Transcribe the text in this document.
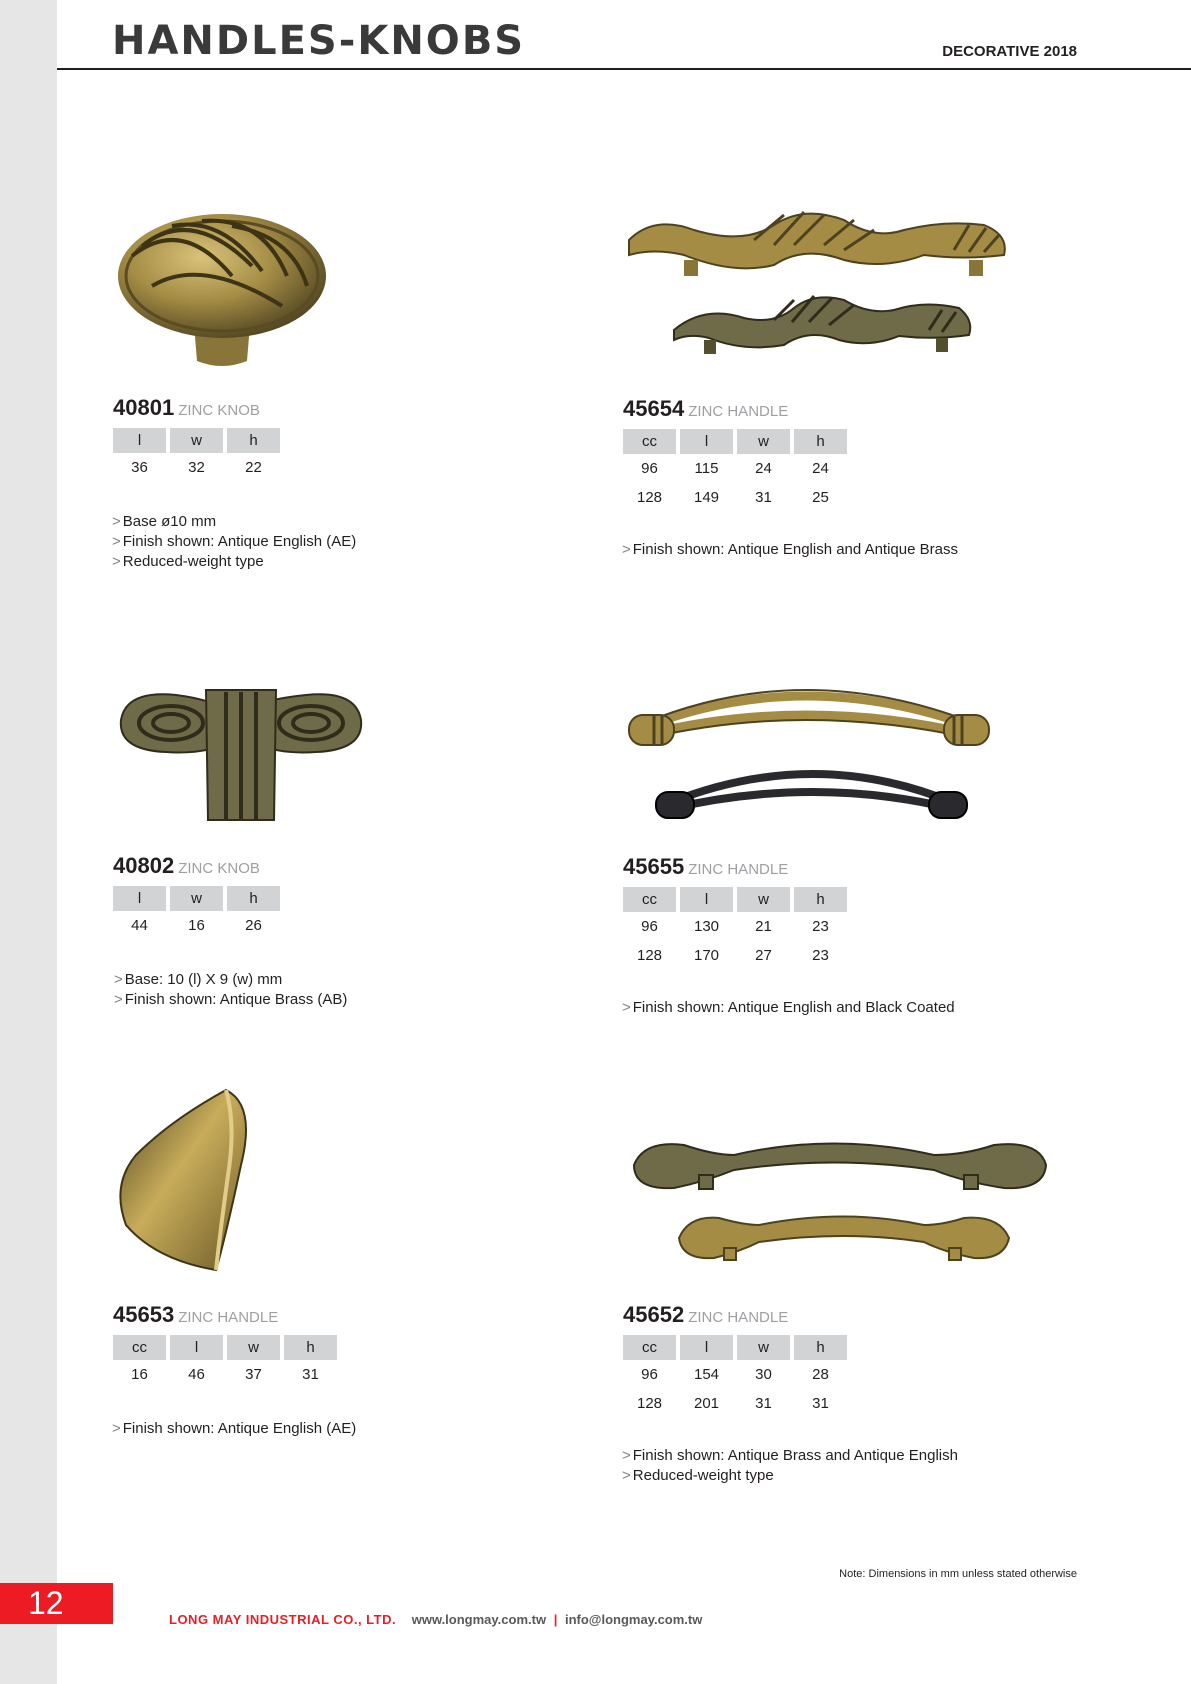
HANDLES-KNOBS	DECORATIVE 2018
40801 ZINC KNOB
l	w	h
36	32	22
> Base ø10 mm
> Finish shown: Antique English (AE)
> Reduced-weight type
45654 ZINC HANDLE
cc	l	w	h
96	115	24	24
128	149	31	25
> Finish shown: Antique English and Antique Brass
40802 ZINC KNOB
l	w	h
44	16	26
> Base: 10 (l) X 9 (w) mm
> Finish shown: Antique Brass (AB)
45655 ZINC HANDLE
cc	l	w	h
96	130	21	23
128	170	27	23
> Finish shown: Antique English and Black Coated
45653 ZINC HANDLE
cc	l	w	h
16	46	37	31
> Finish shown: Antique English (AE)
45652 ZINC HANDLE
cc	l	w	h
96	154	30	28
128	201	31	31
> Finish shown: Antique Brass and Antique English
> Reduced-weight type
Note: Dimensions in mm unless stated otherwise
12	LONG MAY INDUSTRIAL CO., LTD. www.longmay.com.tw | info@longmay.com.tw
